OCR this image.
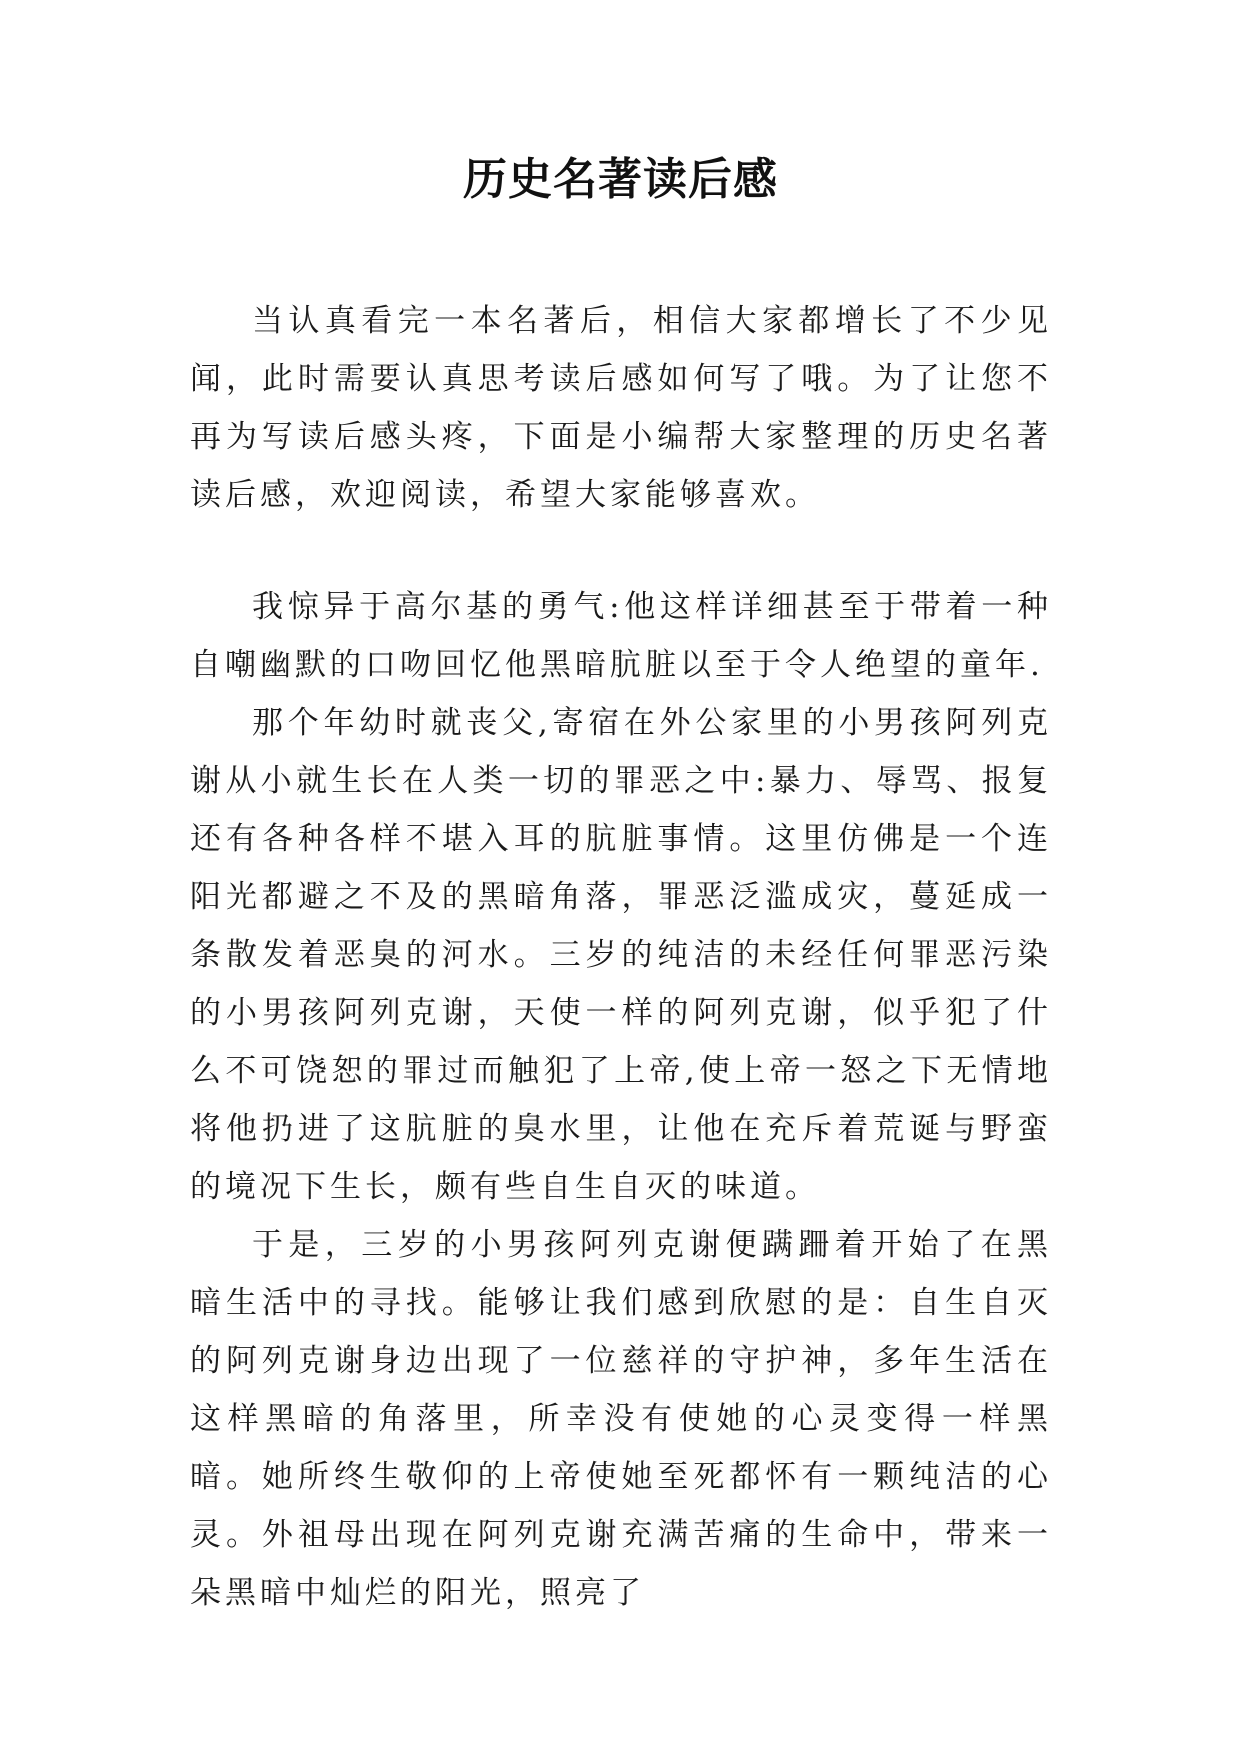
历史名著读后感

当认真看完一本名著后，相信大家都增长了不少见闻，此时需要认真思考读后感如何写了哦。为了让您不再为写读后感头疼，下面是小编帮大家整理的历史名著读后感，欢迎阅读，希望大家能够喜欢。

我惊异于高尔基的勇气:他这样详细甚至于带着一种自嘲幽默的口吻回忆他黑暗肮脏以至于令人绝望的童年.

那个年幼时就丧父,寄宿在外公家里的小男孩阿列克谢从小就生长在人类一切的罪恶之中:暴力、辱骂、报复还有各种各样不堪入耳的肮脏事情。这里仿佛是一个连阳光都避之不及的黑暗角落，罪恶泛滥成灾，蔓延成一条散发着恶臭的河水。三岁的纯洁的未经任何罪恶污染的小男孩阿列克谢，天使一样的阿列克谢，似乎犯了什么不可饶恕的罪过而触犯了上帝,使上帝一怒之下无情地将他扔进了这肮脏的臭水里，让他在充斥着荒诞与野蛮的境况下生长，颇有些自生自灭的味道。

于是，三岁的小男孩阿列克谢便蹒跚着开始了在黑暗生活中的寻找。能够让我们感到欣慰的是：自生自灭的阿列克谢身边出现了一位慈祥的守护神，多年生活在这样黑暗的角落里，所幸没有使她的心灵变得一样黑暗。她所终生敬仰的上帝使她至死都怀有一颗纯洁的心灵。外祖母出现在阿列克谢充满苦痛的生命中，带来一朵黑暗中灿烂的阳光，照亮了
